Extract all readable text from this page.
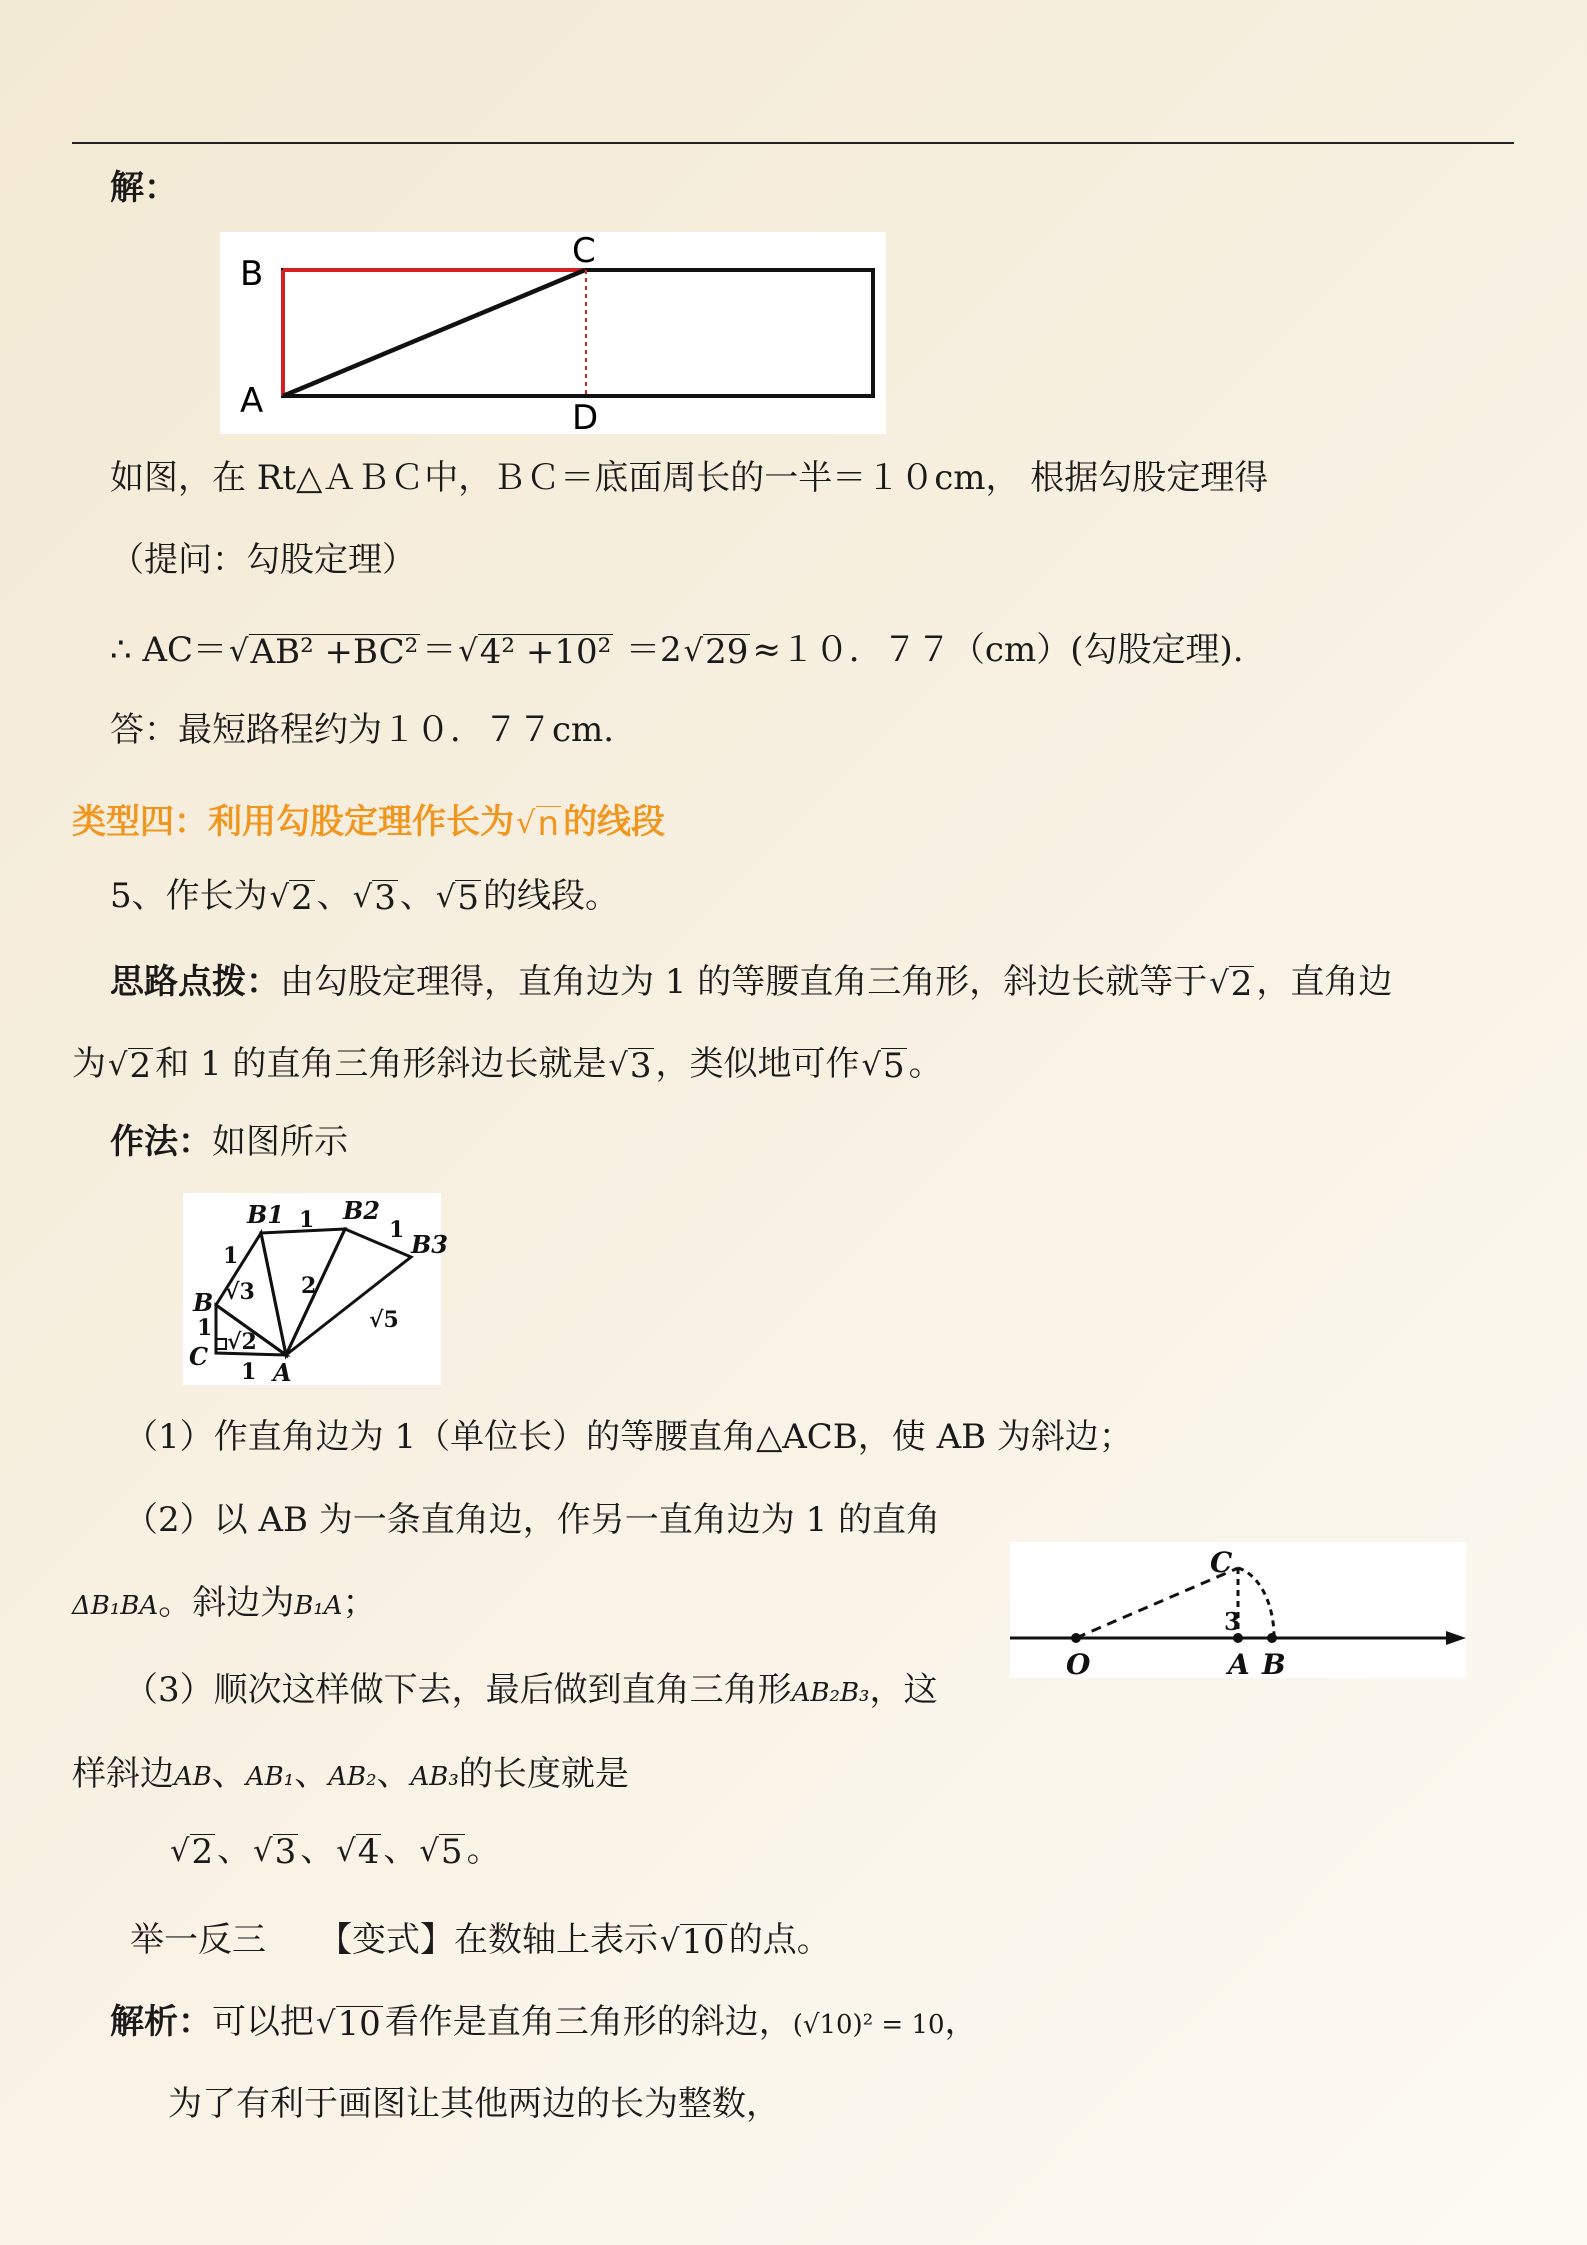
解：
B
C
A	D
如图，在 Rt△ＡＢＣ中，ＢＣ＝底面周长的一半＝１０cm， 根据勾股定理得
（提问：勾股定理）
∴ AC＝ √ AB² +BC² ＝ √ 4² +10² ＝2 √ 29 ≈１０．７７（cm）(勾股定理).
答：最短路程约为１０．７７cm.
类型四：利用勾股定理作长为 √ n 的线段
5、作长为 √ 2 、 √ 3 、 √ 5 的线段。
思路点拨：由勾股定理得，直角边为 1 的等腰直角三角形，斜边长就等于 √ 2 ，直角边
为 √ 2 和 1 的直角三角形斜边长就是 √ 3 ，类似地可作 √ 5 。
作法：如图所示
B1 B2
B3
B
C
A
1
1	1
1
1
2
√3
√2
√5
（1）作直角边为 1（单位长）的等腰直角△ACB，使 AB 为斜边；
（2）以 AB 为一条直角边，作另一直角边为 1 的直角
ΔB₁BA。斜边为B₁A；
（3）顺次这样做下去，最后做到直角三角形AB₂B₃，这
样斜边AB、AB₁、AB₂、AB₃的长度就是
√ 2 、 √ 3 、 √ 4 、 √ 5 。
C
O	A B
3
举一反三 【变式】在数轴上表示 √ 10 的点。
解析：可以把 √ 10 看作是直角三角形的斜边，(√10)² = 10，
为了有利于画图让其他两边的长为整数，
